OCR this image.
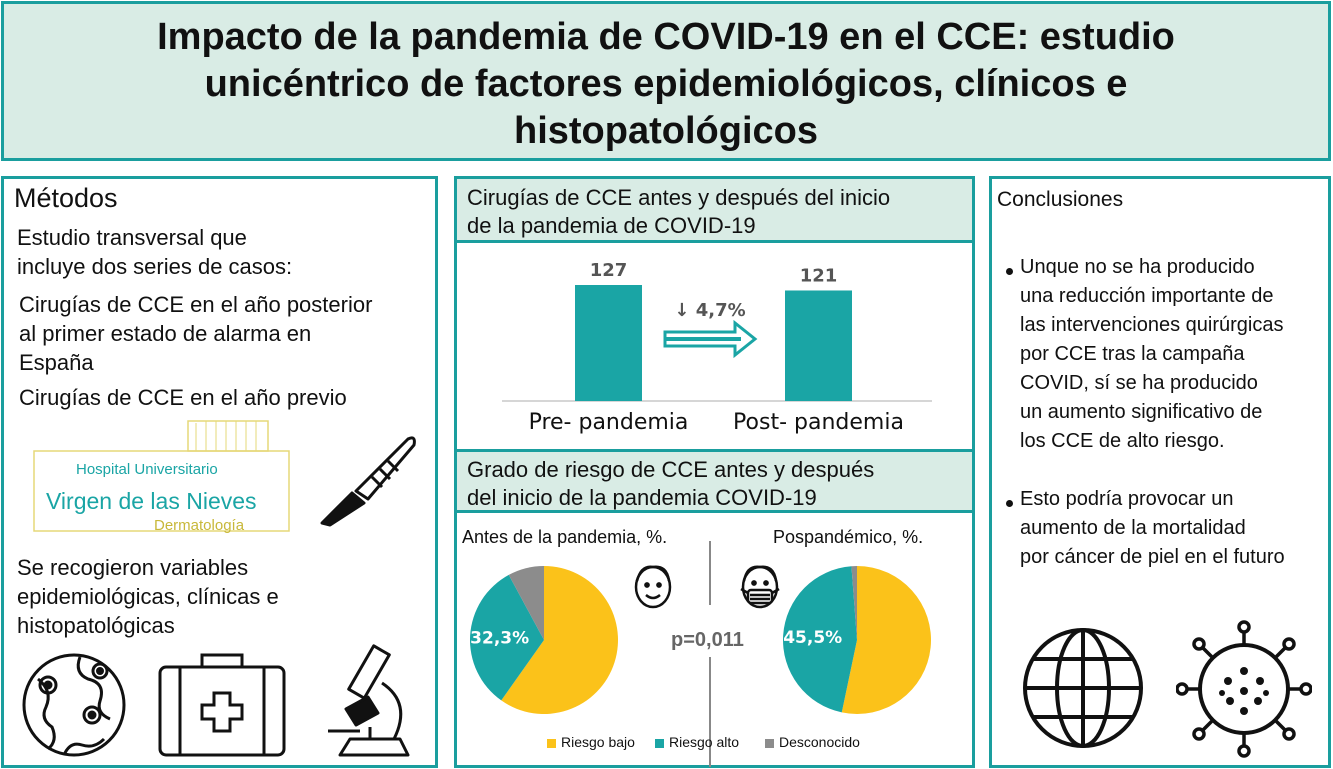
Impacto de la pandemia de COVID-19 en el CCE: estudio
unicéntrico de factores epidemiológicos, clínicos e
histopatológicos
Métodos
Estudio transversal que
incluye dos series de casos:
Cirugías de CCE en el año posterior
al primer estado de alarma en
España
Cirugías de CCE en el año previo
Hospital Universitario
Virgen de las Nieves
Dermatología
Se recogieron variables
epidemiológicas, clínicas e
histopatológicas
Cirugías de CCE antes y después del inicio
de la pandemia de COVID-19
↓ 4,7%
127
Pre- pandemia
121
Post- pandemia
Grado de riesgo de CCE antes y después
del inicio de la pandemia COVID-19
Antes de la pandemia, %.	Pospandémico, %.
p=0,011
32,3%	45,5%
Riesgo bajo Riesgo alto	Desconocido
Conclusiones
Unque no se ha producido
una reducción importante de
las intervenciones quirúrgicas
por CCE tras la campaña
COVID, sí se ha producido
un aumento significativo de
los CCE de alto riesgo.
Esto podría provocar un
aumento de la mortalidad
por cáncer de piel en el futuro
